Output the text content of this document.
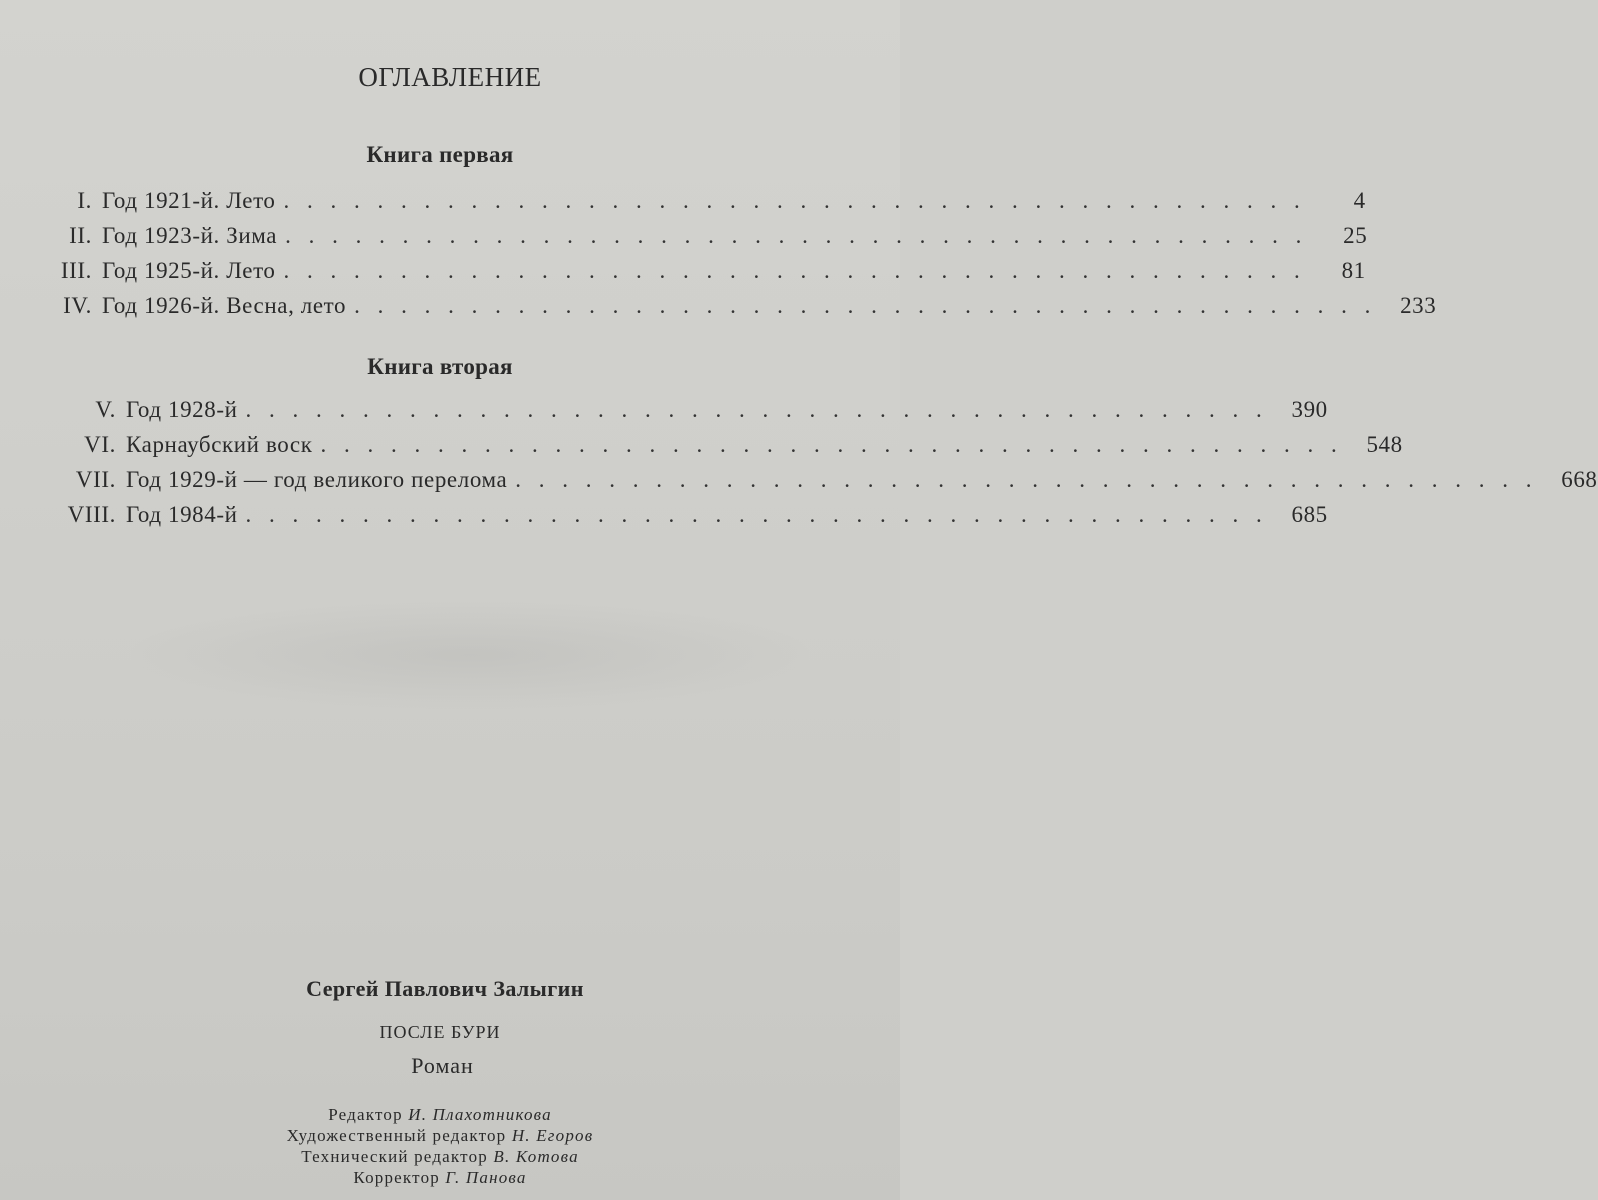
ОГЛАВЛЕНИЕ
Книга первая
I. Год 1921-й. Лето . . . . . . . . . . . . . . . . . . . . . . . . . . . . . . . . . . . . . . . . . . . .	4
II. Год 1923-й. Зима . . . . . . . . . . . . . . . . . . . . . . . . . . . . . . . . . . . . . . . . . . . .	25
III. Год 1925-й. Лето . . . . . . . . . . . . . . . . . . . . . . . . . . . . . . . . . . . . . . . . . . . .	81
IV. Год 1926-й. Весна, лето . . . . . . . . . . . . . . . . . . . . . . . . . . . . . . . . . . . . . . . . . . . .	233
Книга вторая
V. Год 1928-й . . . . . . . . . . . . . . . . . . . . . . . . . . . . . . . . . . . . . . . . . . . .	390
VI. Карнаубский воск . . . . . . . . . . . . . . . . . . . . . . . . . . . . . . . . . . . . . . . . . . . .	548
VII. Год 1929-й — год великого перелома . . . . . . . . . . . . . . . . . . . . . . . . . . . . . . . . . . . . . . . . . . . .	668
VIII. Год 1984-й . . . . . . . . . . . . . . . . . . . . . . . . . . . . . . . . . . . . . . . . . . . .	685
Сергей Павлович Залыгин
ПОСЛЕ БУРИ
Роман
Редактор И. Плахотникова
Художественный редактор Н. Егоров
Технический редактор В. Котова
Корректор Г. Панова
